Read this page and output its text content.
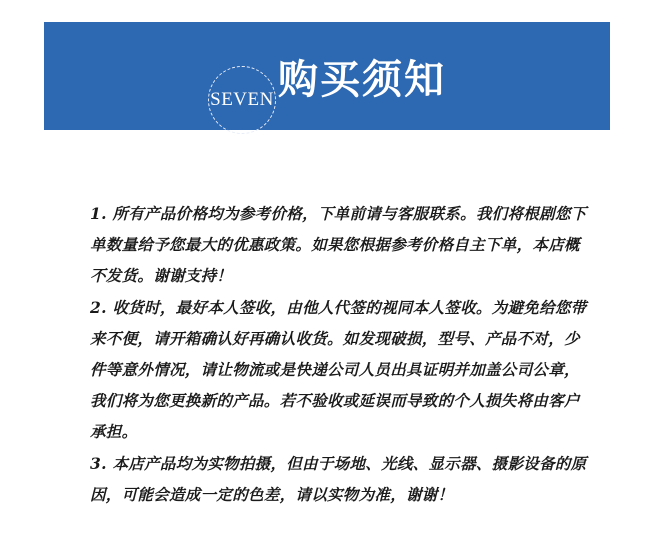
SEVEN 购买须知

1. 所有产品价格均为参考价格，下单前请与客服联系。我们将根剧您下单数量给予您最大的优惠政策。如果您根据参考价格自主下单，本店概不发货。谢谢支持！

2. 收货时，最好本人签收，由他人代签的视同本人签收。为避免给您带来不便，请开箱确认好再确认收货。如发现破损，型号、产品不对，少件等意外情况，请让物流或是快递公司人员出具证明并加盖公司公章，我们将为您更换新的产品。若不验收或延误而导致的个人损失将由客户承担。

3. 本店产品均为实物拍摄，但由于场地、光线、显示器、摄影设备的原因，可能会造成一定的色差，请以实物为准，谢谢！
